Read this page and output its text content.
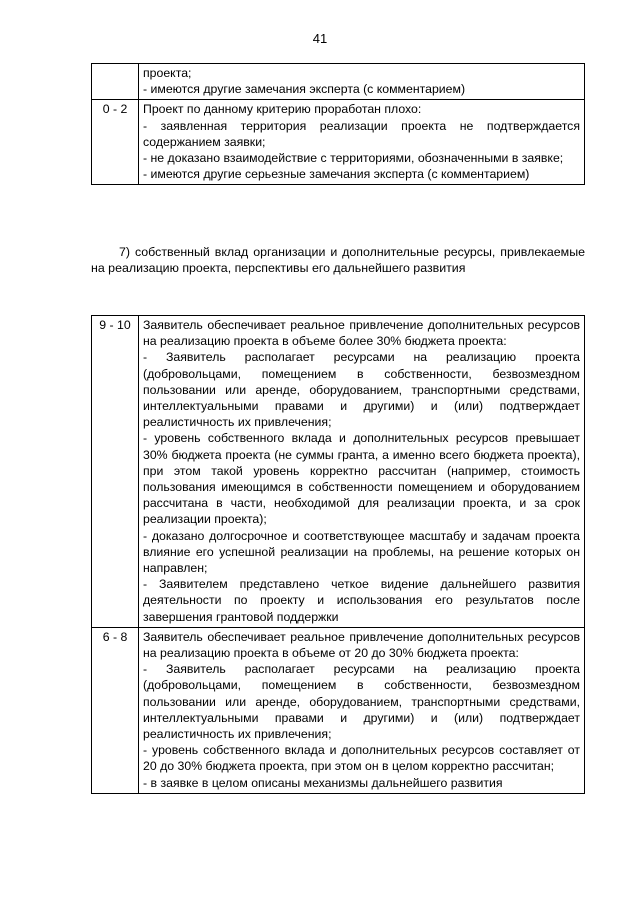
41

	проекта;
- имеются другие замечания эксперта (с комментарием)

0 - 2	Проект по данному критерию проработан плохо:
- заявленная территория реализации проекта не подтверждается содержанием заявки;
- не доказано взаимодействие с территориями, обозначенными в заявке;
- имеются другие серьезные замечания эксперта (с комментарием)
7) собственный вклад организации и дополнительные ресурсы, привлекаемые на реализацию проекта, перспективы его дальнейшего развития
9 - 10	Заявитель обеспечивает реальное привлечение дополнительных ресурсов на реализацию проекта в объеме более 30% бюджета проекта:
- Заявитель располагает ресурсами на реализацию проекта (добровольцами, помещением в собственности, безвозмездном пользовании или аренде, оборудованием, транспортными средствами, интеллектуальными правами и другими) и (или) подтверждает реалистичность их привлечения;
- уровень собственного вклада и дополнительных ресурсов превышает 30% бюджета проекта (не суммы гранта, а именно всего бюджета проекта), при этом такой уровень корректно рассчитан (например, стоимость пользования имеющимся в собственности помещением и оборудованием рассчитана в части, необходимой для реализации проекта, и за срок реализации проекта);
- доказано долгосрочное и соответствующее масштабу и задачам проекта влияние его успешной реализации на проблемы, на решение которых он направлен;
- Заявителем представлено четкое видение дальнейшего развития деятельности по проекту и использования его результатов после завершения грантовой поддержки

6 - 8	Заявитель обеспечивает реальное привлечение дополнительных ресурсов на реализацию проекта в объеме от 20 до 30% бюджета проекта:
- Заявитель располагает ресурсами на реализацию проекта (добровольцами, помещением в собственности, безвозмездном пользовании или аренде, оборудованием, транспортными средствами, интеллектуальными правами и другими) и (или) подтверждает реалистичность их привлечения;
- уровень собственного вклада и дополнительных ресурсов составляет от 20 до 30% бюджета проекта, при этом он в целом корректно рассчитан;
- в заявке в целом описаны механизмы дальнейшего развития
